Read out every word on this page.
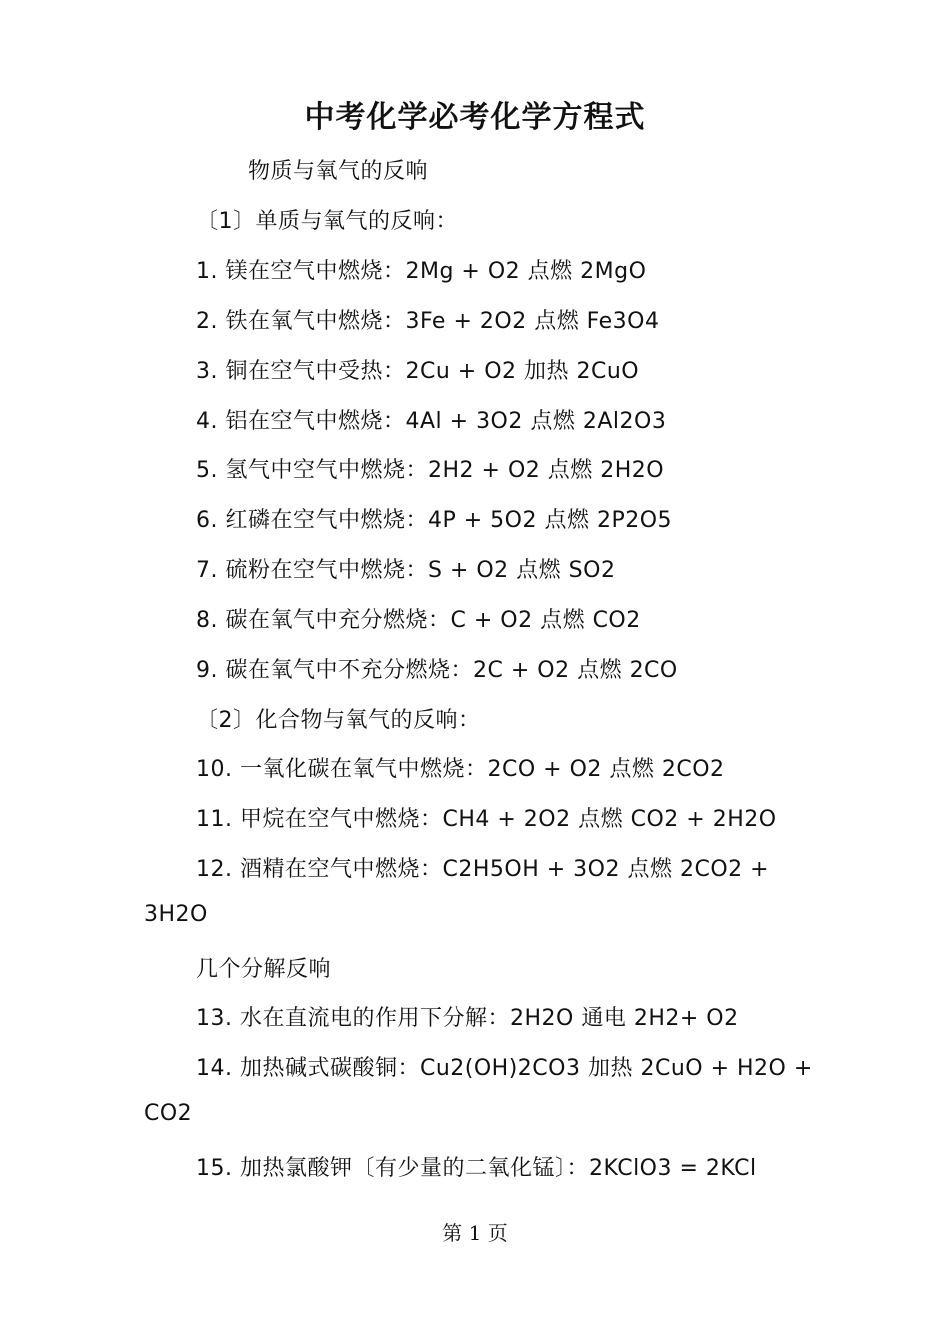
中考化学必考化学方程式
物质与氧气的反响
〔1〕单质与氧气的反响：
1. 镁在空气中燃烧：2Mg + O2 点燃 2MgO
2. 铁在氧气中燃烧：3Fe + 2O2 点燃 Fe3O4
3. 铜在空气中受热：2Cu + O2 加热 2CuO
4. 铝在空气中燃烧：4Al + 3O2 点燃 2Al2O3
5. 氢气中空气中燃烧：2H2 + O2 点燃 2H2O
6. 红磷在空气中燃烧：4P + 5O2 点燃 2P2O5
7. 硫粉在空气中燃烧：S + O2 点燃 SO2
8. 碳在氧气中充分燃烧：C + O2 点燃 CO2
9. 碳在氧气中不充分燃烧：2C + O2 点燃 2CO
〔2〕化合物与氧气的反响：
10. 一氧化碳在氧气中燃烧：2CO + O2 点燃 2CO2
11. 甲烷在空气中燃烧：CH4 + 2O2 点燃 CO2 + 2H2O
12. 酒精在空气中燃烧：C2H5OH + 3O2 点燃 2CO2 +
3H2O
几个分解反响
13. 水在直流电的作用下分解：2H2O 通电 2H2+ O2
14. 加热碱式碳酸铜：Cu2(OH)2CO3 加热 2CuO + H2O +
CO2
15. 加热氯酸钾〔有少量的二氧化锰〕：2KClO3 = 2KCl
第 1 页
